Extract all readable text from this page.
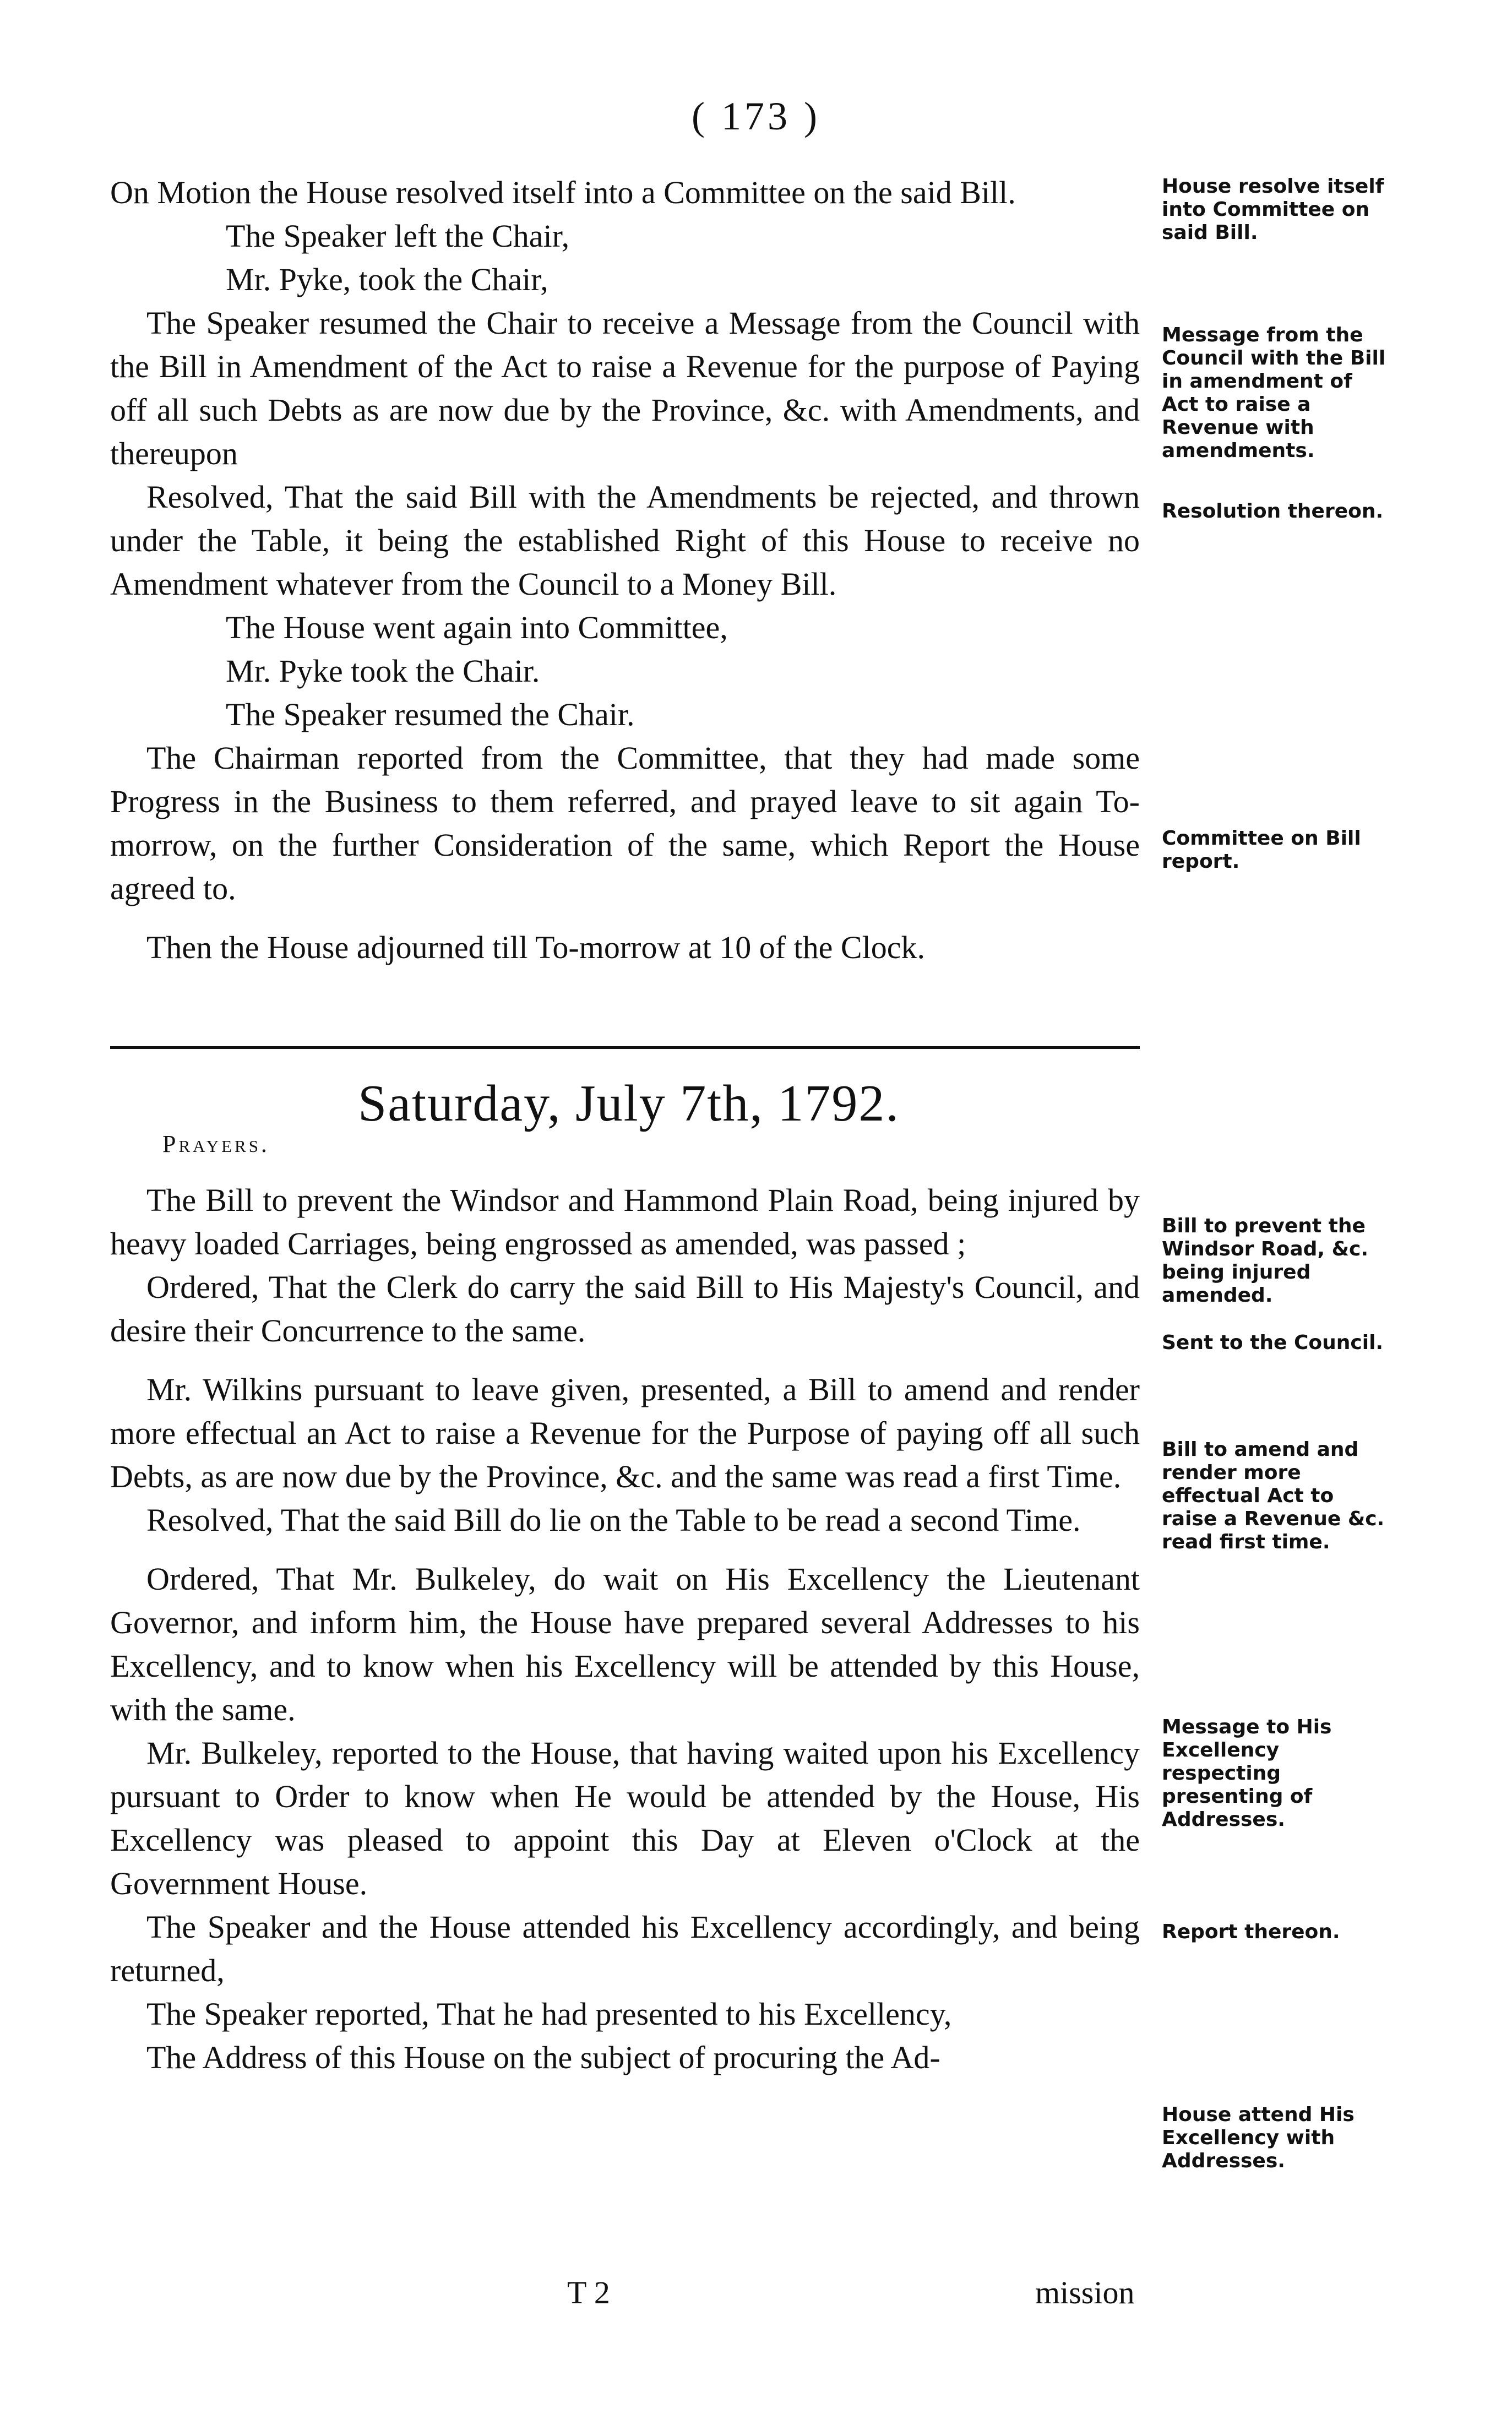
( 173 )
On Motion the House resolved itself into a Committee on the said Bill.
The Speaker left the Chair,
Mr. Pyke, took the Chair,
The Speaker resumed the Chair to receive a Message from the Council with the Bill in Amendment of the Act to raise a Revenue for the purpose of Paying off all such Debts as are now due by the Province, &c. with Amendments, and thereupon
Resolved, That the said Bill with the Amendments be rejected, and thrown under the Table, it being the established Right of this House to receive no Amendment whatever from the Council to a Money Bill.
The House went again into Committee,
Mr. Pyke took the Chair.
The Speaker resumed the Chair.
The Chairman reported from the Committee, that they had made some Progress in the Business to them referred, and prayed leave to sit again To-morrow, on the further Consideration of the same, which Report the House agreed to.
Then the House adjourned till To-morrow at 10 of the Clock.
Saturday, July 7th, 1792.
Prayers.
The Bill to prevent the Windsor and Hammond Plain Road, being injured by heavy loaded Carriages, being engrossed as amended, was passed ;
Ordered, That the Clerk do carry the said Bill to His Majesty's Council, and desire their Concurrence to the same.
Mr. Wilkins pursuant to leave given, presented, a Bill to amend and render more effectual an Act to raise a Revenue for the Purpose of paying off all such Debts, as are now due by the Province, &c. and the same was read a first Time.
Resolved, That the said Bill do lie on the Table to be read a second Time.
Ordered, That Mr. Bulkeley, do wait on His Excellency the Lieutenant Governor, and inform him, the House have prepared several Addresses to his Excellency, and to know when his Excellency will be attended by this House, with the same.
Mr. Bulkeley, reported to the House, that having waited upon his Excellency pursuant to Order to know when He would be attended by the House, His Excellency was pleased to appoint this Day at Eleven o'Clock at the Government House.
The Speaker and the House attended his Excellency accordingly, and being returned,
The Speaker reported, That he had presented to his Excellency,
The Address of this House on the subject of procuring the Ad-
House resolve itself into Committee on said Bill.
Message from the Council with the Bill in amendment of Act to raise a Revenue with amendments.
Resolution thereon.
Committee on Bill report.
Bill to prevent the Windsor Road, &c. being injured amended.
Sent to the Council.
Bill to amend and render more effectual Act to raise a Revenue &c. read first time.
Message to His Excellency respecting presenting of Addresses.
Report thereon.
House attend His Excellency with Addresses.
T 2	mission
